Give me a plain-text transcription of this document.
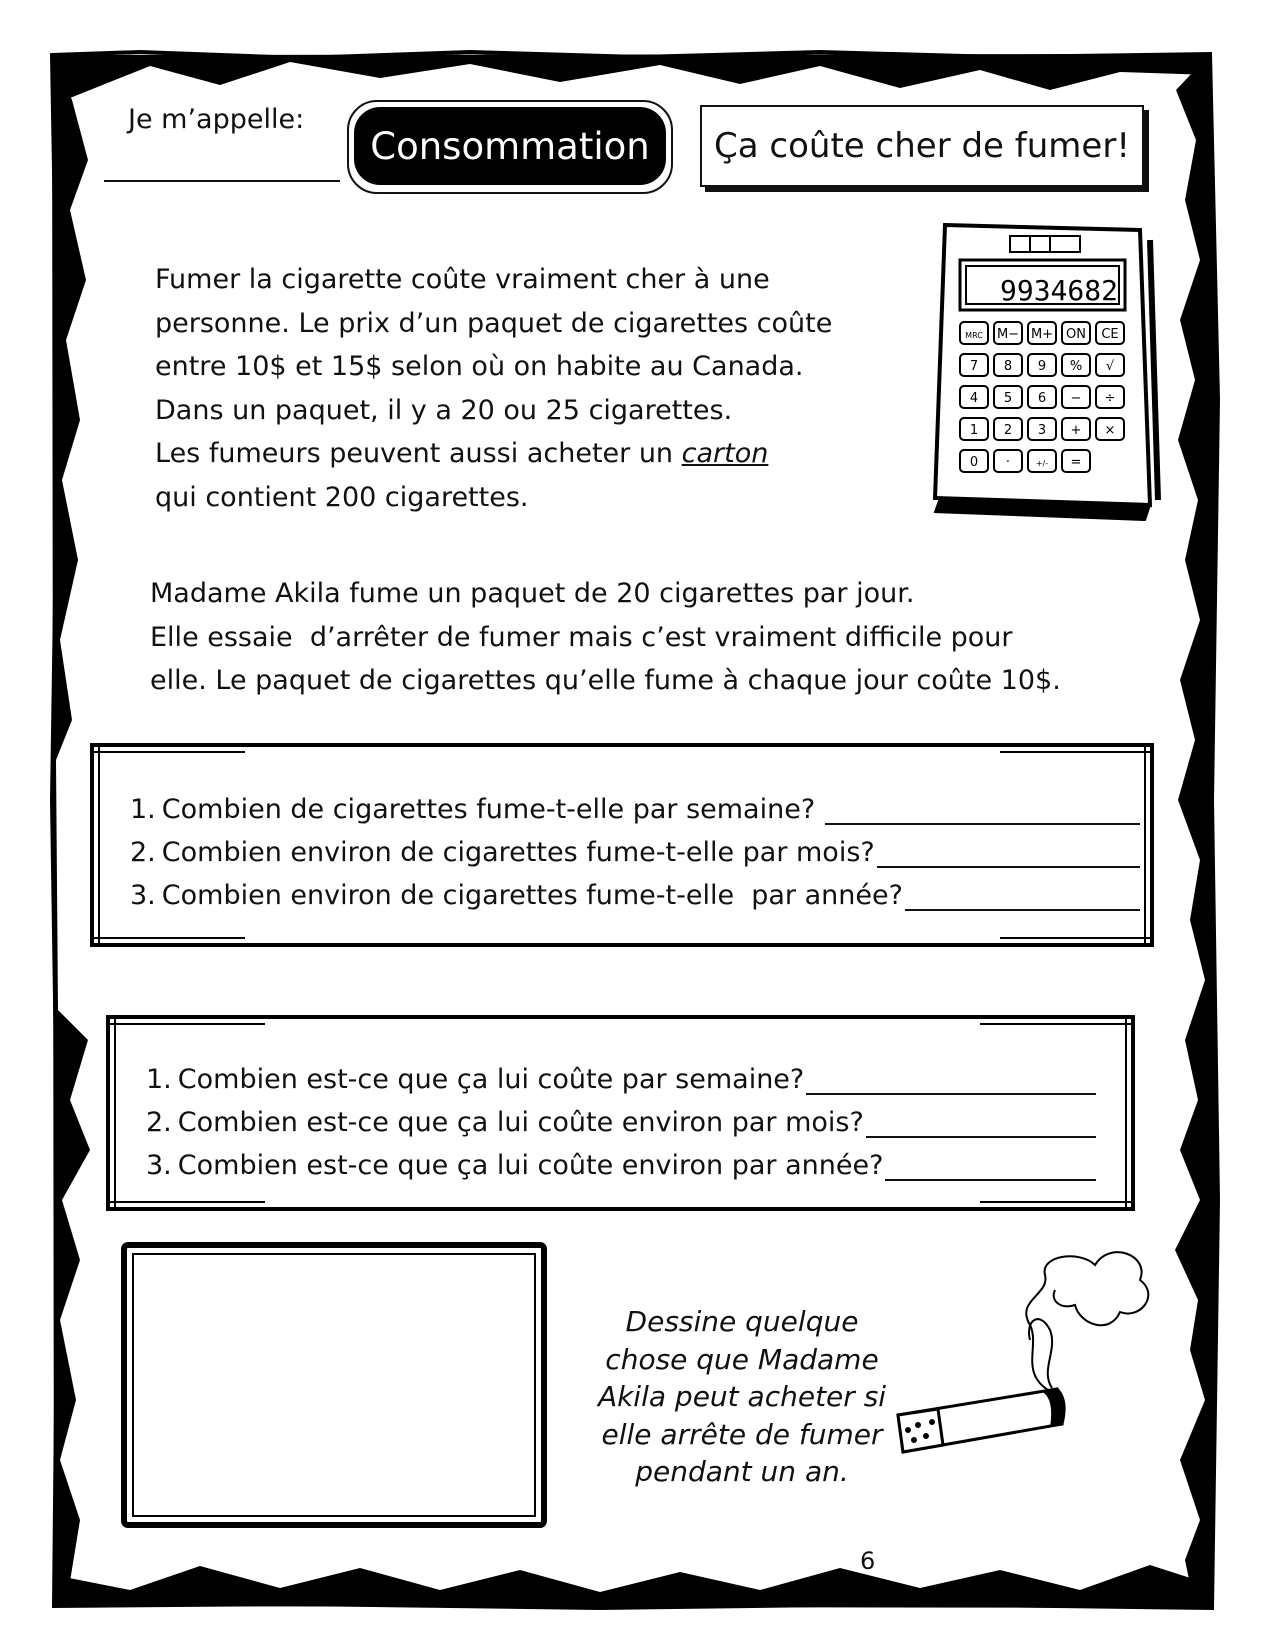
9934682
MRC M− M+ ON CE
7 8 9 % √
4 5 6 − ÷
1 2 3 + ×
0 ·	+/- =
Je m’appelle:
Consommation	Ça coûte cher de fumer!
Fumer la cigarette coûte vraiment cher à une
personne. Le prix d’un paquet de cigarettes coûte
entre 10$ et 15$ selon où on habite au Canada.
Dans un paquet, il y a 20 ou 25 cigarettes.
Les fumeurs peuvent aussi acheter un carton
qui contient 200 cigarettes.
Madame Akila fume un paquet de 20 cigarettes par jour.
Elle essaie  d’arrêter de fumer mais c’est vraiment difficile pour
elle. Le paquet de cigarettes qu’elle fume à chaque jour coûte 10$.
1. Combien de cigarettes fume-t-elle par semaine?
2. Combien environ de cigarettes fume-t-elle par mois?
3. Combien environ de cigarettes fume-t-elle  par année?
1. Combien est-ce que ça lui coûte par semaine?
2. Combien est-ce que ça lui coûte environ par mois?
3. Combien est-ce que ça lui coûte environ par année?
Dessine quelque
chose que Madame
Akila peut acheter si
elle arrête de fumer
pendant un an.
6
